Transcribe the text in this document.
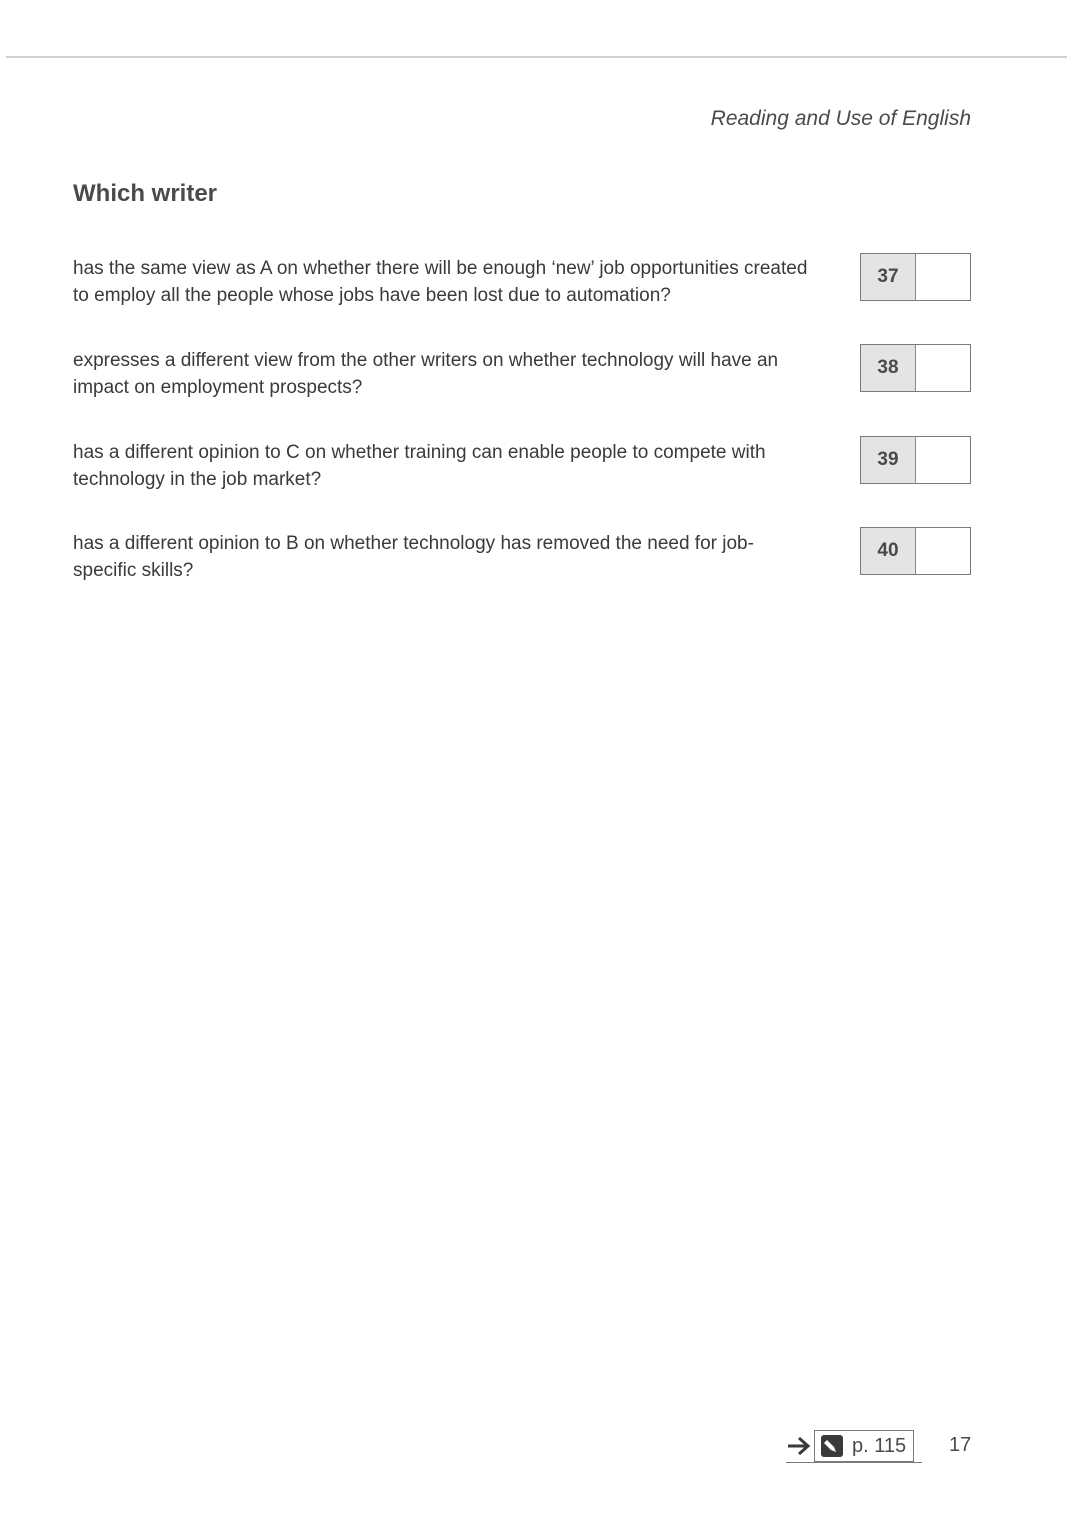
Reading and Use of English
Which writer
has the same view as A on whether there will be enough ‘new’ job opportunities created to employ all the people whose jobs have been lost due to automation?
37
expresses a different view from the other writers on whether technology will have an impact on employment prospects?
38
has a different opinion to C on whether training can enable people to compete with technology in the job market?
39
has a different opinion to B on whether technology has removed the need for job-specific skills?
40
p. 115 17
